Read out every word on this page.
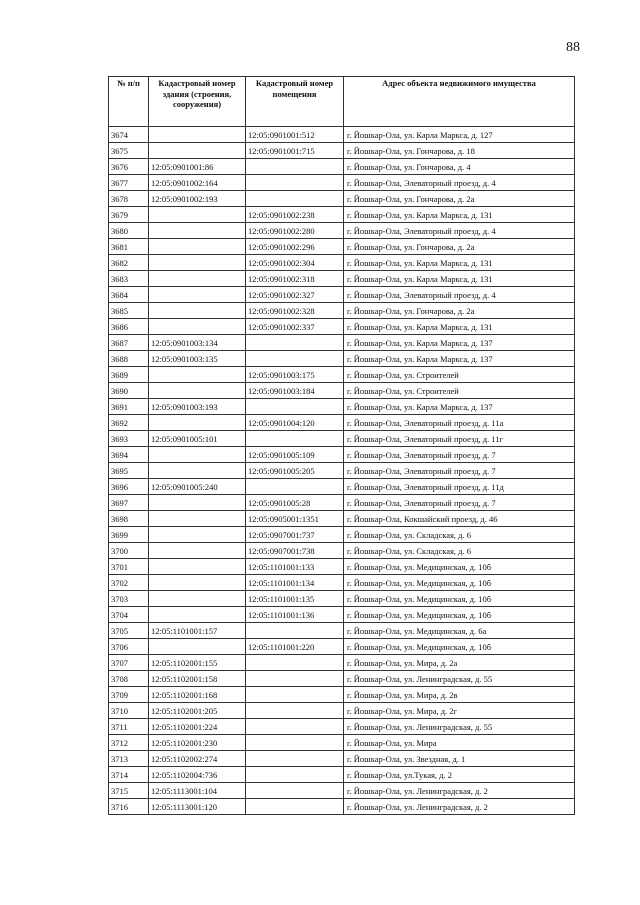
88
№ п/п	Кадастровый номер здания (строения, сооружения)	Кадастровый номер помещения	Адрес объекта недвижимого имущества
3674		12:05:0901001:512	г. Йошкар-Ола, ул. Карла Маркса, д. 127
3675		12:05:0901001:715	г. Йошкар-Ола, ул. Гончарова, д. 18
3676	12:05:0901001:86		г. Йошкар-Ола, ул. Гончарова, д. 4
3677	12:05:0901002:164		г. Йошкар-Ола, Элеваторный проезд, д. 4
3678	12:05:0901002:193		г. Йошкар-Ола, ул. Гончарова, д. 2а
3679		12:05:0901002:238	г. Йошкар-Ола, ул. Карла Маркса, д. 131
3680		12:05:0901002:280	г. Йошкар-Ола, Элеваторный проезд, д. 4
3681		12:05:0901002:296	г. Йошкар-Ола, ул. Гончарова, д. 2а
3682		12:05:0901002:304	г. Йошкар-Ола, ул. Карла Маркса, д. 131
3683		12:05:0901002:318	г. Йошкар-Ола, ул. Карла Маркса, д. 131
3684		12:05:0901002:327	г. Йошкар-Ола, Элеваторный проезд, д. 4
3685		12:05:0901002:328	г. Йошкар-Ола, ул. Гончарова, д. 2а
3686		12:05:0901002:337	г. Йошкар-Ола, ул. Карла Маркса, д. 131
3687	12:05:0901003:134		г. Йошкар-Ола, ул. Карла Маркса, д. 137
3688	12:05:0901003:135		г. Йошкар-Ола, ул. Карла Маркса, д. 137
3689		12:05:0901003:175	г. Йошкар-Ола, ул. Строителей
3690		12:05:0901003:184	г. Йошкар-Ола, ул. Строителей
3691	12:05:0901003:193		г. Йошкар-Ола, ул. Карла Маркса, д. 137
3692		12:05:0901004:120	г. Йошкар-Ола, Элеваторный проезд, д. 11а
3693	12:05:0901005:101		г. Йошкар-Ола, Элеваторный проезд, д. 11г
3694		12:05:0901005:109	г. Йошкар-Ола, Элеваторный проезд, д. 7
3695		12:05:0901005:205	г. Йошкар-Ола, Элеваторный проезд, д. 7
3696	12:05:0901005:240		г. Йошкар-Ола, Элеваторный проезд, д. 11д
3697		12:05:0901005:28	г. Йошкар-Ола, Элеваторный проезд, д. 7
3698		12:05:0905001:1351	г. Йошкар-Ола, Кокшайский проезд, д. 46
3699		12:05:0907001:737	г. Йошкар-Ола, ул. Складская, д. 6
3700		12:05:0907001:738	г. Йошкар-Ола, ул. Складская, д. 6
3701		12:05:1101001:133	г. Йошкар-Ола, ул. Медицинская, д. 10б
3702		12:05:1101001:134	г. Йошкар-Ола, ул. Медицинская, д. 10б
3703		12:05:1101001:135	г. Йошкар-Ола, ул. Медицинская, д. 10б
3704		12:05:1101001:136	г. Йошкар-Ола, ул. Медицинская, д. 10б
3705	12:05:1101001:157		г. Йошкар-Ола, ул. Медицинская, д. 6а
3706		12:05:1101001:220	г. Йошкар-Ола, ул. Медицинская, д. 10б
3707	12:05:1102001:155		г. Йошкар-Ола, ул. Мира, д. 2а
3708	12:05:1102001:158		г. Йошкар-Ола, ул. Ленинградская, д. 55
3709	12:05:1102001:168		г. Йошкар-Ола, ул. Мира, д. 2в
3710	12:05:1102001:205		г. Йошкар-Ола, ул. Мира, д. 2г
3711	12:05:1102001:224		г. Йошкар-Ола, ул. Ленинградская, д. 55
3712	12:05:1102001:230		г. Йошкар-Ола, ул. Мира
3713	12:05:1102002:274		г. Йошкар-Ола, ул. Звездная, д. 1
3714	12:05:1102004:736		г. Йошкар-Ола, ул.Тукая, д. 2
3715	12:05:1113001:104		г. Йошкар-Ола, ул. Ленинградская, д. 2
3716	12:05:1113001:120		г. Йошкар-Ола, ул. Ленинградская, д. 2
